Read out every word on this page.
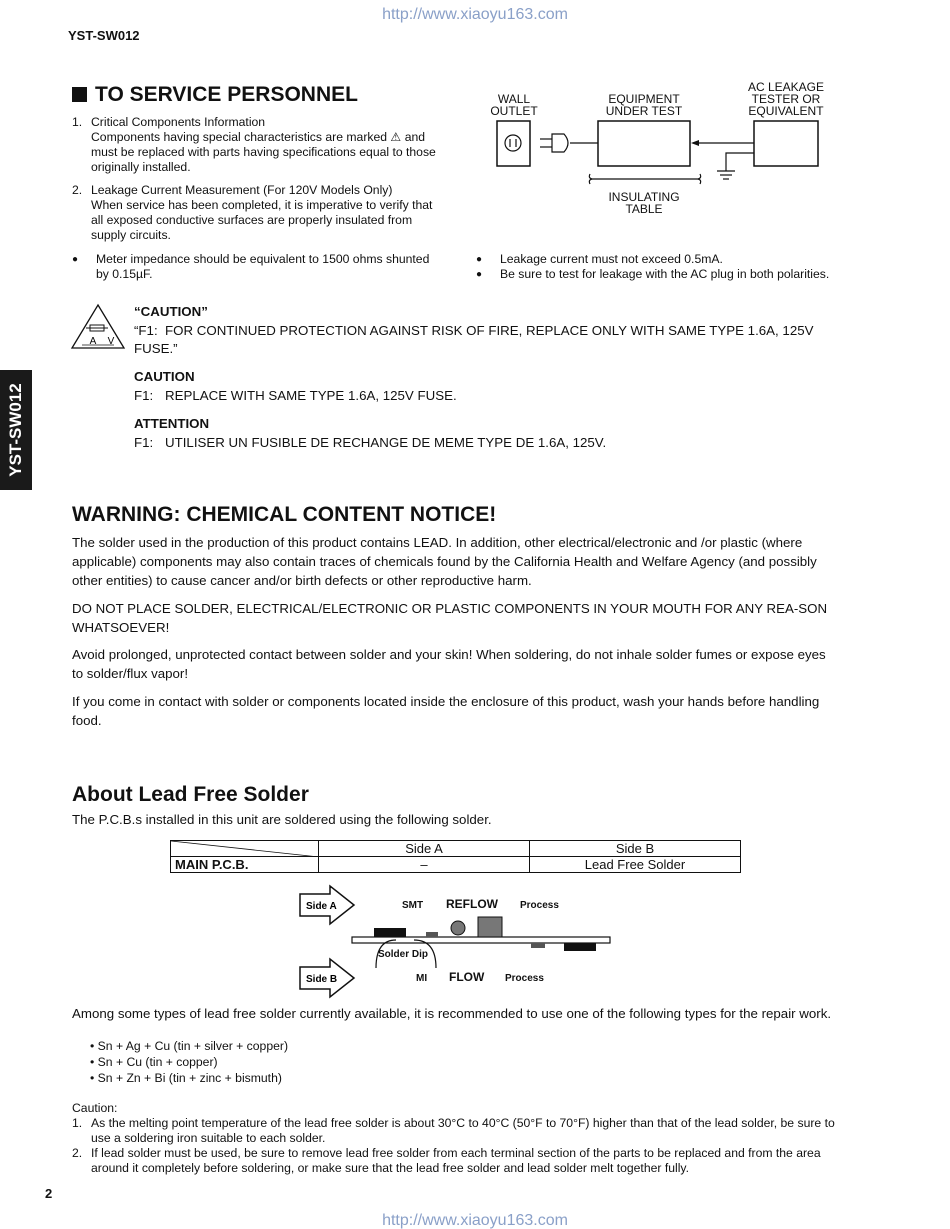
http://www.xiaoyu163.com
YST-SW012
YST-SW012
TO SERVICE PERSONNEL
1. Critical Components Information
Components having special characteristics are marked ⚠ and must be replaced with parts having specifications equal to those originally installed.
2. Leakage Current Measurement (For 120V Models Only)
When service has been completed, it is imperative to verify that all exposed conductive surfaces are properly insulated from supply circuits.
● Meter impedance should be equivalent to 1500 ohms shunted by 0.15µF.
● Leakage current must not exceed 0.5mA.
● Be sure to test for leakage with the AC plug in both polarities.
WALL
OUTLET
EQUIPMENT
UNDER TEST
AC LEAKAGE
TESTER OR
EQUIVALENT
INSULATING
TABLE
A V
“CAUTION”
“F1: FOR CONTINUED PROTECTION AGAINST RISK OF FIRE, REPLACE ONLY WITH SAME TYPE 1.6A, 125V FUSE.”
CAUTION
F1: REPLACE WITH SAME TYPE 1.6A, 125V FUSE.
ATTENTION
F1: UTILISER UN FUSIBLE DE RECHANGE DE MEME TYPE DE 1.6A, 125V.
WARNING: CHEMICAL CONTENT NOTICE!

The solder used in the production of this product contains LEAD. In addition, other electrical/electronic and /or plastic (where applicable) components may also contain traces of chemicals found by the California Health and Welfare Agency (and possibly other entities) to cause cancer and/or birth defects or other reproductive harm.

DO NOT PLACE SOLDER, ELECTRICAL/ELECTRONIC OR PLASTIC COMPONENTS IN YOUR MOUTH FOR ANY REA-SON WHATSOEVER!

Avoid prolonged, unprotected contact between solder and your skin! When soldering, do not inhale solder fumes or expose eyes to solder/flux vapor!

If you come in contact with solder or components located inside the enclosure of this product, wash your hands before handling food.

About Lead Free Solder

The P.C.B.s installed in this unit are soldered using the following solder.

	Side A	Side B
MAIN P.C.B.	–	Lead Free Solder
Side A
Side B
SMT REFLOW Process
Solder Dip
MI FLOW Process

Among some types of lead free solder currently available, it is recommended to use one of the following types for the repair work.

• Sn + Ag + Cu (tin + silver + copper)
• Sn + Cu (tin + copper)
• Sn + Zn + Bi (tin + zinc + bismuth)
Caution:
1. As the melting point temperature of the lead free solder is about 30°C to 40°C (50°F to 70°F) higher than that of the lead solder, be sure to use a soldering iron suitable to each solder.
2. If lead solder must be used, be sure to remove lead free solder from each terminal section of the parts to be replaced and from the area around it completely before soldering, or make sure that the lead free solder and lead solder melt together fully.
2
http://www.xiaoyu163.com
